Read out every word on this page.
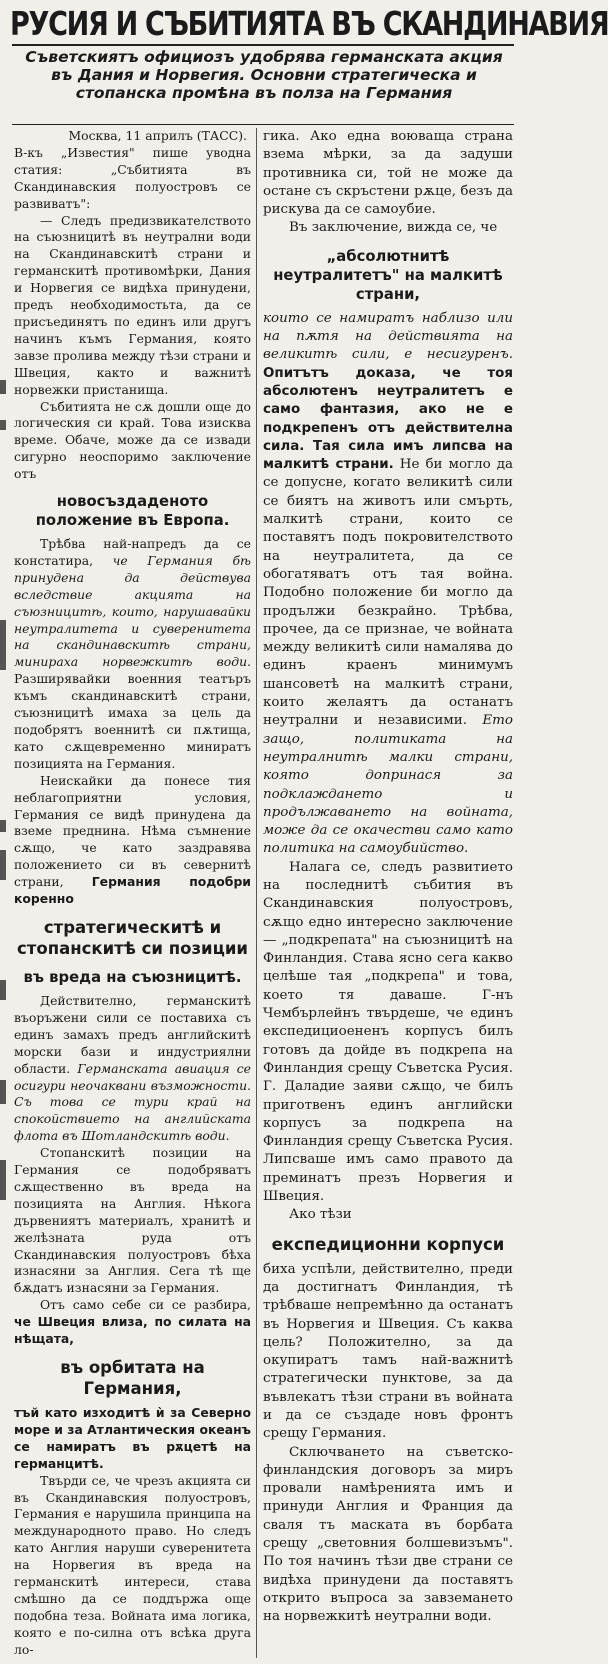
РУСИЯ И СЪБИТИЯТА ВЪ СКАНДИНАВИЯ
Съветскиятъ официозъ удобрява германската акция въ Дания и Норвегия. Основни стратегическа и стопанска промѣна въ полза на Германия

Москва, 11 априлъ (ТАСС).

В-къ „Известия" пише уводна статия: „Събитията въ Скандинавския полуостровъ се развиватъ":

— Следъ предизвикателството на съюзницитѣ въ неутрални води на Скандинавскитѣ страни и германскитѣ противомѣрки, Дания и Норвегия се видѣха принудени, предъ необходимостьта, да се присъединятъ по единъ или другъ начинъ къмъ Германия, която завзе пролива между тѣзи страни и Швеция, както и важнитѣ норвежки пристанища.

Събитията не сѫ дошли още до логическия си край. Това изисква време. Обаче, може да се извади сигурно неоспоримо заключение отъ

новосъздаденото положение въ Европа.

Трѣбва най-напредъ да се констатира, че Германия бѣ принудена да действува вследствие акцията на съюзницитѣ, които, нарушавайки неутралитета и суверенитета на скандинавскитѣ страни, минираха норвежкитѣ води. Разширявайки военния театъръ къмъ скандинавскитѣ страни, съюзницитѣ имаха за цель да подобрятъ военнитѣ си пѫтища, като сѫщевременно миниратъ позицията на Германия.

Неискайки да понесе тия неблагоприятни условия, Германия се видѣ принудена да вземе преднина. Нѣма съмнение сѫщо, че като заздравява положението си въ севернитѣ страни, Германия подобри коренно

стратегическитѣ и стопанскитѣ си позиции
въ вреда на съюзницитѣ.

Действително, германскитѣ въоръжени сили се поставиха съ единъ замахъ предъ английскитѣ морски бази и индустриялни области. Германската авиация се осигури неочаквани възможности. Съ това се тури край на спокойствието на английската флота въ Шотландскитѣ води.

Стопанскитѣ позиции на Германия се подобряватъ сѫщественно въ вреда на позицията на Англия. Нѣкога дървениятъ материалъ, хранитѣ и желѣзната руда отъ Скандинавския полуостровъ бѣха изнасяни за Англия. Сега тѣ ще бѫдатъ изнасяни за Германия.

Отъ само себе си се разбира, че Швеция влиза, по силата на нѣщата,

въ орбитата на Германия,

тъй като изходитѣ ѝ за Северно море и за Атлантическия океанъ се намиратъ въ рѫцетѣ на германцитѣ.

Твърди се, че чрезъ акцията си въ Скандинавския полуостровъ, Германия е нарушила принципа на международното право. Но следъ като Англия наруши суверенитета на Норвегия въ вреда на германскитѣ интереси, става смѣшно да се поддържа още подобна теза. Войната има логика, която е по-силна отъ всѣка друга ло-

гика. Ако една воюваща страна взема мѣрки, за да задуши противника си, той не може да остане съ скръстени рѫце, безъ да рискува да се самоубие.

Въ заключение, вижда се, че

„абсолютнитѣ неутралитетъ" на малкитѣ страни,

които се намиратъ наблизо или на пѫтя на действията на великитѣ сили, е несигуренъ. Опитътъ доказа, че тоя абсолютенъ неутралитетъ е само фантазия, ако не е подкрепенъ отъ действителна сила. Тая сила имъ липсва на малкитѣ страни. Не би могло да се допусне, когато великитѣ сили се биятъ на животъ или смърть, малкитѣ страни, които се поставятъ подъ покровителството на неутралитета, да се обогатяватъ отъ тая война. Подобно положение би могло да продължи безкрайно. Трѣбва, прочее, да се признае, че войната между великитѣ сили намалява до единъ краенъ минимумъ шансоветѣ на малкитѣ страни, които желаятъ да останатъ неутрални и независими. Ето защо, политиката на неутралнитѣ малки страни, която допринася за подклаждането и продължаването на войната, може да се окачестви само като политика на самоубийство.

Налага се, следъ развитието на последнитѣ събития въ Скандинавския полуостровъ, сѫщо едно интересно заключение — „подкрепата" на съюзницитѣ на Финландия. Става ясно сега какво целѣше тая „подкрепа" и това, което тя даваше. Г-нъ Чембърлейнъ твърдеше, че единъ експедициоененъ корпусъ билъ готовъ да дойде въ подкрепа на Финландия срещу Съветска Русия. Г. Даладие заяви сѫщо, че билъ приготвенъ единъ английски корпусъ за подкрепа на Финландия срещу Съветска Русия. Липсваше имъ само правото да преминатъ презъ Норвегия и Швеция.

Ако тѣзи

експедиционни корпуси

биха успѣли, действително, преди да достигнатъ Финландия, тѣ трѣбваше непремѣнно да останатъ въ Норвегия и Швеция. Съ каква цель? Положително, за да окупиратъ тамъ най-важнитѣ стратегически пунктове, за да въвлекатъ тѣзи страни въ войната и да се създаде новъ фронтъ срещу Германия.

Сключването на съветско-финландския договоръ за миръ провали намѣренията имъ и принуди Англия и Франция да сваля тъ маската въ борбата срещу „световния болшевизъмъ". По тоя начинъ тѣзи две страни се видѣха принудени да поставятъ открито въпроса за завземането на норвежкитѣ неутрални води.
